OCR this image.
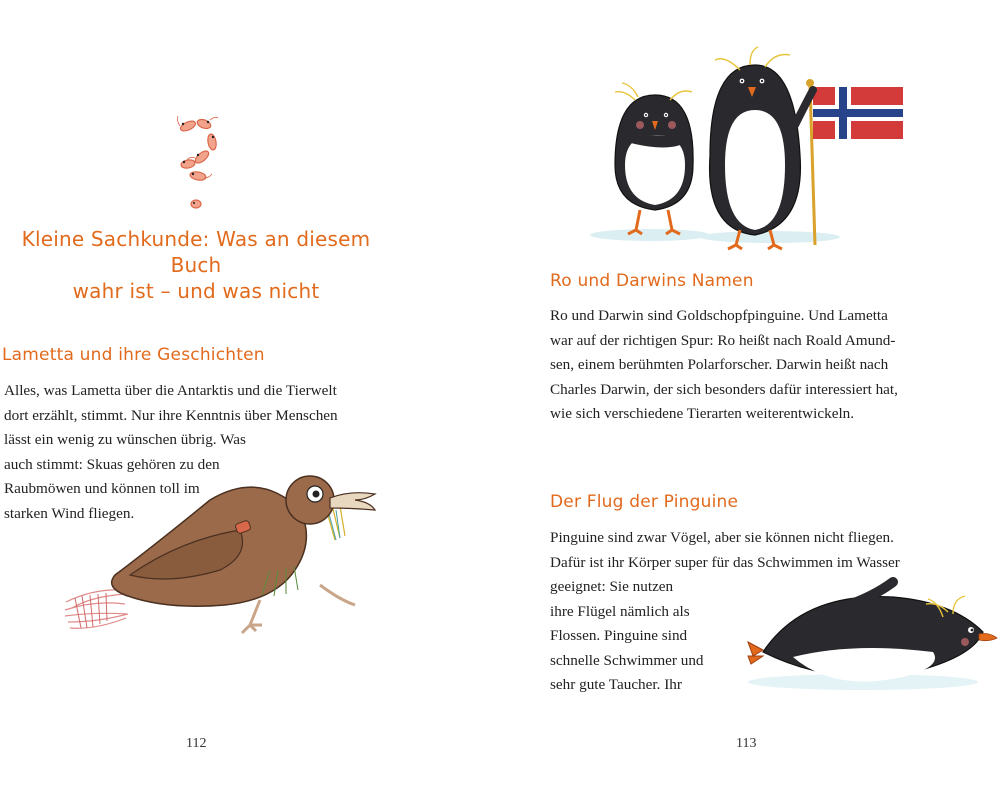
Kleine Sachkunde: Was an diesem Buch
wahr ist – und was nicht
Lametta und ihre Geschichten
Alles, was Lametta über die Antarktis und die Tierwelt
dort erzählt, stimmt. Nur ihre Kenntnis über Menschen
lässt ein wenig zu wünschen übrig. Was
auch stimmt: Skuas gehören zu den
Raubmöwen und können toll im
starken Wind fliegen.
112
Ro und Darwins Namen
Ro und Darwin sind Goldschopfpinguine. Und Lametta
war auf der richtigen Spur: Ro heißt nach Roald Amund-
sen, einem berühmten Polarforscher. Darwin heißt nach
Charles Darwin, der sich besonders dafür interessiert hat,
wie sich verschiedene Tierarten weiterentwickeln.
Der Flug der Pinguine
Pinguine sind zwar Vögel, aber sie können nicht fliegen.
Dafür ist ihr Körper super für das Schwimmen im Wasser
geeignet: Sie nutzen
ihre Flügel nämlich als
Flossen. Pinguine sind
schnelle Schwimmer und
sehr gute Taucher. Ihr
113
